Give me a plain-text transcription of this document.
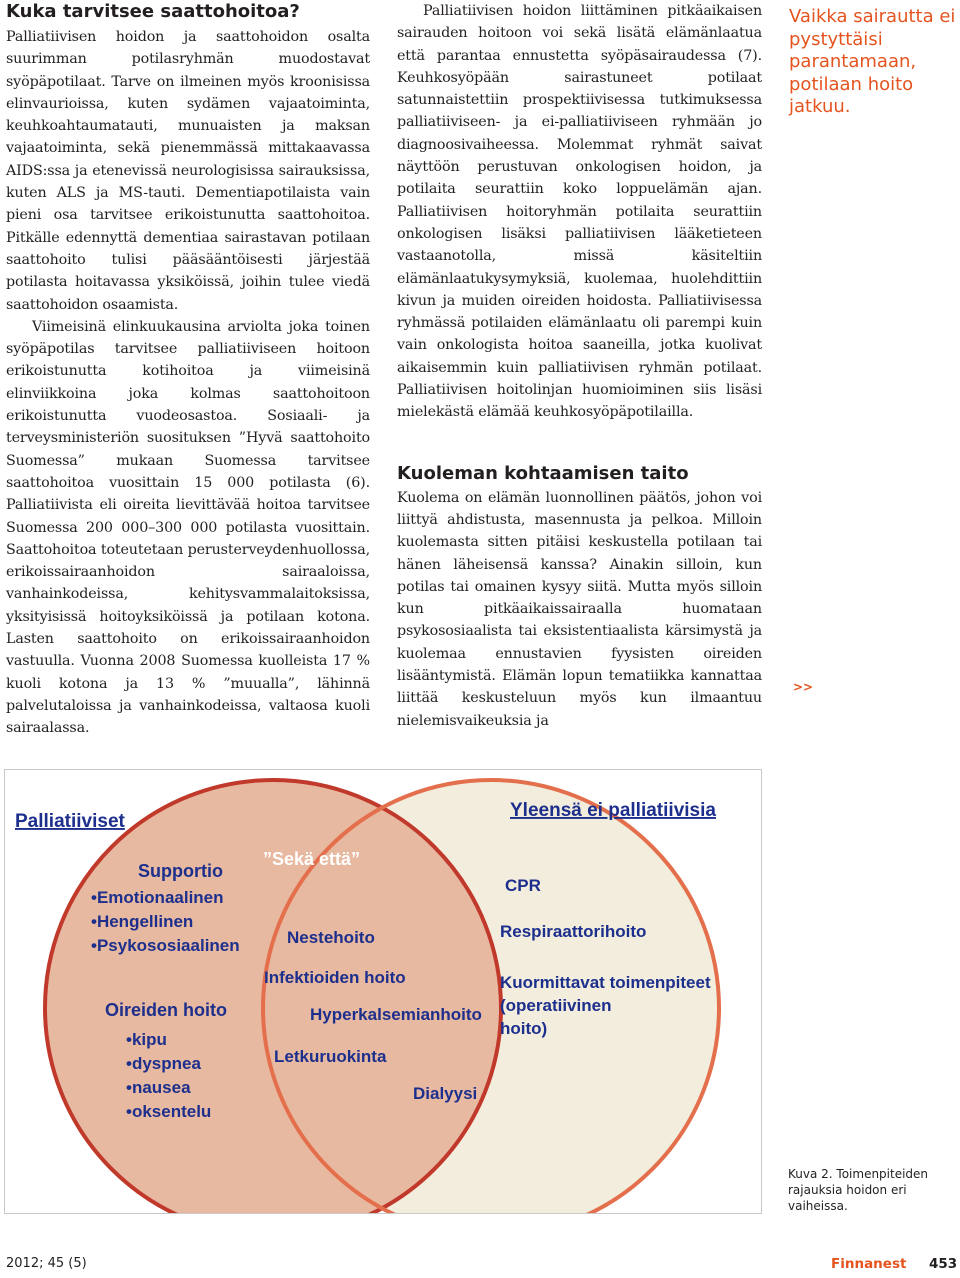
Kuka tarvitsee saattohoitoa?

Palliatiivisen hoidon ja saattohoidon osalta suurimman potilasryhmän muodostavat syöpäpotilaat. Tarve on ilmeinen myös kroonisissa elinvaurioissa, kuten sydämen vajaatoiminta, keuhkoahtaumatauti, munuaisten ja maksan vajaatoiminta, sekä pienemmässä mittakaavassa AIDS:ssa ja etenevissä neurologisissa sairauksissa, kuten ALS ja MS-tauti. Dementiapotilaista vain pieni osa tarvitsee erikoistunutta saattohoitoa. Pitkälle edennyttä dementiaa sairastavan potilaan saattohoito tulisi pääsääntöisesti järjestää potilasta hoitavassa yksiköissä, joihin tulee viedä saattohoidon osaamista.

Viimeisinä elinkuukausina arviolta joka toinen syöpäpotilas tarvitsee palliatiiviseen hoitoon erikoistunutta kotihoitoa ja viimeisinä elinviikkoina joka kolmas saattohoitoon erikoistunutta vuodeosastoa. Sosiaali- ja terveysministeriön suosituksen ”Hyvä saattohoito Suomessa” mukaan Suomessa tarvitsee saattohoitoa vuosittain 15 000 potilasta (6). Palliatiivista eli oireita lievittävää hoitoa tarvitsee Suomessa 200 000–300 000 potilasta vuosittain. Saattohoitoa toteutetaan perusterveydenhuollossa, erikoissairaanhoidon sairaaloissa, vanhainkodeissa, kehitysvammalaitoksissa, yksityisissä hoitoyksiköissä ja potilaan kotona. Lasten saattohoito on erikoissairaanhoidon vastuulla. Vuonna 2008 Suomessa kuolleista 17 % kuoli kotona ja 13 % ”muualla”, lähinnä palvelutaloissa ja vanhainkodeissa, valtaosa kuoli sairaalassa.

Palliatiivisen hoidon liittäminen pitkäaikaisen sairauden hoitoon voi sekä lisätä elämänlaatua että parantaa ennustetta syöpäsairaudessa (7). Keuhkosyöpään sairastuneet potilaat satunnaistettiin prospektiivisessa tutkimuksessa palliatiiviseen- ja ei-palliatiiviseen ryhmään jo diagnoosivaiheessa. Molemmat ryhmät saivat näyttöön perustuvan onkologisen hoidon, ja potilaita seurattiin koko loppuelämän ajan. Palliatiivisen hoitoryhmän potilaita seurattiin onkologisen lisäksi palliatiivisen lääketieteen vastaanotolla, missä käsiteltiin elämänlaatukysymyksiä, kuolemaa, huolehdittiin kivun ja muiden oireiden hoidosta. Palliatiivisessa ryhmässä potilaiden elämänlaatu oli parempi kuin vain onkologista hoitoa saaneilla, jotka kuolivat aikaisemmin kuin palliatiivisen ryhmän potilaat. Palliatiivisen hoitolinjan huomioiminen siis lisäsi mielekästä elämää keuhkosyöpäpotilailla.

Kuoleman kohtaamisen taito

Kuolema on elämän luonnollinen päätös, johon voi liittyä ahdistusta, masennusta ja pelkoa. Milloin kuolemasta sitten pitäisi keskustella potilaan tai hänen läheisensä kanssa? Ainakin silloin, kun potilas tai omainen kysyy siitä. Mutta myös silloin kun pitkäaikaissairaalla huomataan psykososiaalista tai eksistentiaalista kärsimystä ja kuolemaa ennustavien fyysisten oireiden lisääntymistä. Elämän lopun tematiikka kannattaa liittää keskusteluun myös kun ilmaantuu nielemisvaikeuksia ja

Vaikka sairautta ei pystyttäisi parantamaan, potilaan hoito jatkuu.

>>
Palliatiiviset
Yleensä ei palliatiivisia
”Sekä että”
Supportio
•Emotionaalinen
•Hengellinen
•Psykososiaalinen
Oireiden hoito
•kipu
•dyspnea
•nausea
•oksentelu
Nestehoito
Infektioiden hoito
Hyperkalsemianhoito
Letkuruokinta
Dialyysi
CPR
Respiraattorihoito
Kuormittavat toimenpiteet
(operatiivinen
hoito)

Kuva 2. Toimenpiteiden rajauksia hoidon eri vaiheissa.

2012; 45 (5)	Finnanest 453
